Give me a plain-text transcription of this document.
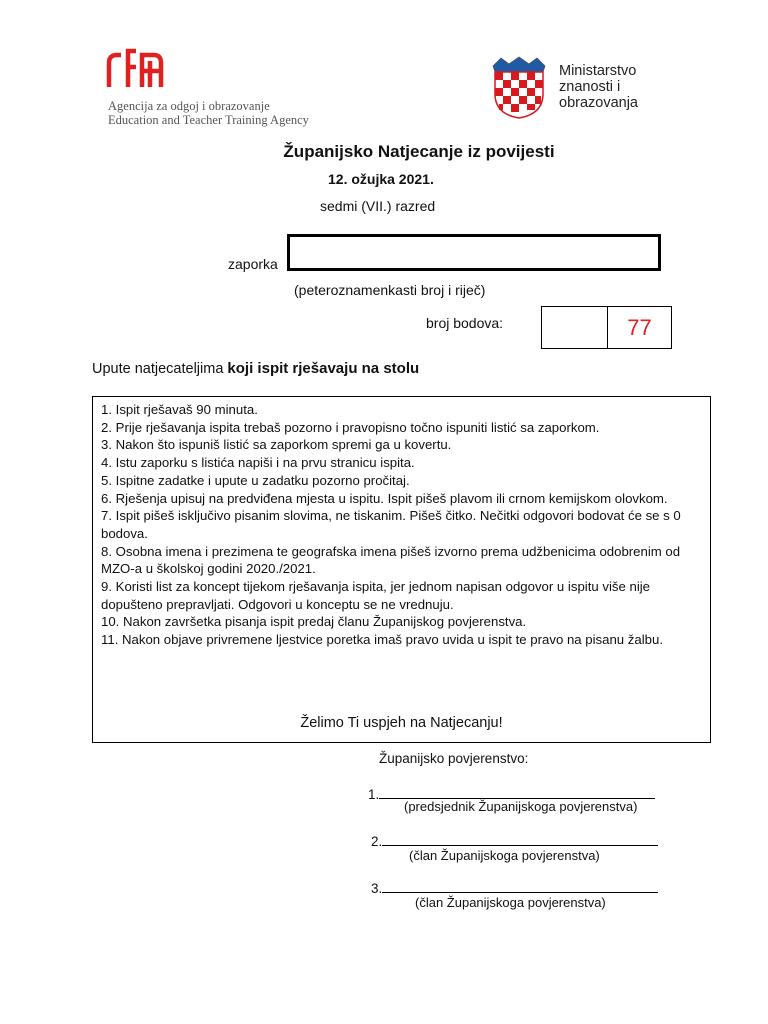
Agencija za odgoj i obrazovanje
Education and Teacher Training Agency
Ministarstvo
znanosti i
obrazovanja
Županijsko Natjecanje iz povijesti
12. ožujka 2021.
sedmi (VII.) razred
zaporka
(peteroznamenkasti broj i riječ)
broj bodova:	77
Upute natjecateljima koji ispit rješavaju na stolu
1. Ispit rješavaš 90 minuta.
2. Prije rješavanja ispita trebaš pozorno i pravopisno točno ispuniti listić sa zaporkom.
3. Nakon što ispuniš listić sa zaporkom spremi ga u kovertu.
4. Istu zaporku s listića napiši i na prvu stranicu ispita.
5. Ispitne zadatke i upute u zadatku pozorno pročitaj.
6. Rješenja upisuj na predviđena mjesta u ispitu. Ispit pišeš plavom ili crnom kemijskom olovkom.
7. Ispit pišeš isključivo pisanim slovima, ne tiskanim. Pišeš čitko. Nečitki odgovori bodovat će se s 0 bodova.
8. Osobna imena i prezimena te geografska imena pišeš izvorno prema udžbenicima odobrenim od MZO-a u školskoj godini 2020./2021.
9. Koristi list za koncept tijekom rješavanja ispita, jer jednom napisan odgovor u ispitu više nije dopušteno prepravljati. Odgovori u konceptu se ne vrednuju.
10. Nakon završetka pisanja ispit predaj članu Županijskog povjerenstva.
11. Nakon objave privremene ljestvice poretka imaš pravo uvida u ispit te pravo na pisanu žalbu.
Želimo Ti uspjeh na Natjecanju!
Županijsko povjerenstvo:
1.
(predsjednik Županijskoga povjerenstva)
2.
(član Županijskoga povjerenstva)
3.
(član Županijskoga povjerenstva)
